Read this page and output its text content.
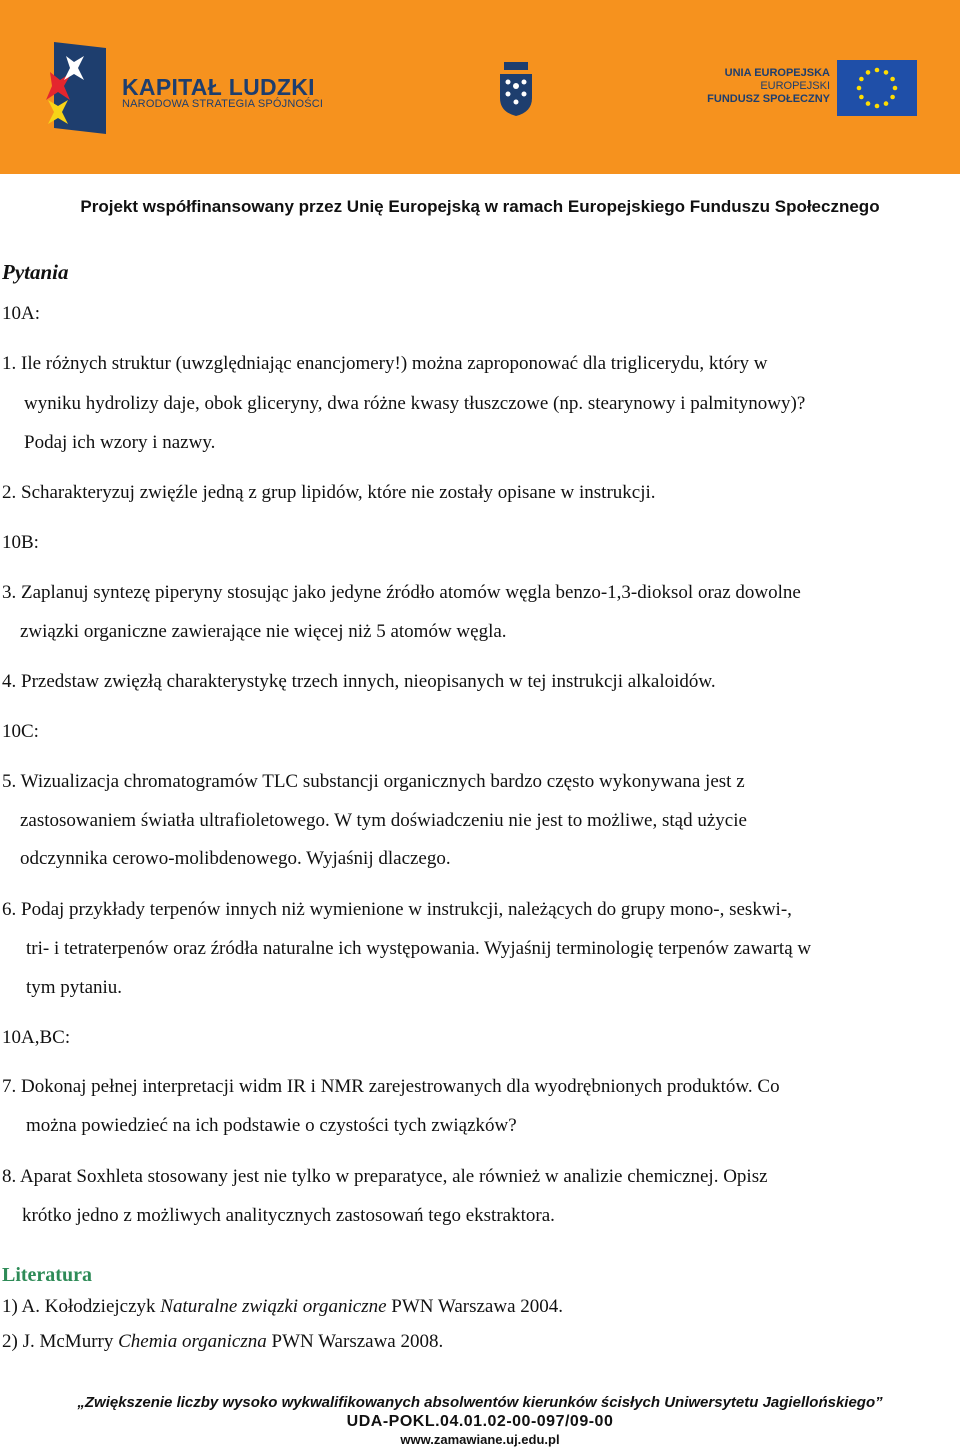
KAPITAŁ LUDZKI
NARODOWA STRATEGIA SPÓJNOŚCI
UNIA EUROPEJSKA
EUROPEJSKI
FUNDUSZ SPOŁECZNY
Projekt współfinansowany przez Unię Europejską w ramach Europejskiego Funduszu Społecznego
Pytania
10A:
1. Ile różnych struktur (uwzględniając enancjomery!) można zaproponować dla triglicerydu, który w
wyniku hydrolizy daje, obok gliceryny, dwa różne kwasy tłuszczowe (np. stearynowy i palmitynowy)?
Podaj ich wzory i nazwy.
2. Scharakteryzuj zwięźle jedną z grup lipidów, które nie zostały opisane w instrukcji.
10B:
3. Zaplanuj syntezę piperyny stosując jako jedyne źródło atomów węgla benzo-1,3-dioksol oraz dowolne
związki organiczne zawierające nie więcej niż 5 atomów węgla.
4. Przedstaw zwięzłą charakterystykę trzech innych, nieopisanych w tej instrukcji alkaloidów.
10C:
5. Wizualizacja chromatogramów TLC substancji organicznych bardzo często wykonywana jest z
zastosowaniem światła ultrafioletowego. W tym doświadczeniu nie jest to możliwe, stąd użycie
odczynnika cerowo-molibdenowego. Wyjaśnij dlaczego.
6. Podaj przykłady terpenów innych niż wymienione w instrukcji, należących do grupy mono-, seskwi-,
tri- i tetraterpenów oraz źródła naturalne ich występowania. Wyjaśnij terminologię terpenów zawartą w
tym pytaniu.
10A,BC:
7. Dokonaj pełnej interpretacji widm IR i NMR zarejestrowanych dla wyodrębnionych produktów. Co
można powiedzieć na ich podstawie o czystości tych związków?
8. Aparat Soxhleta stosowany jest nie tylko w preparatyce, ale również w analizie chemicznej. Opisz
krótko jedno z możliwych analitycznych zastosowań tego ekstraktora.
Literatura
1) A. Kołodziejczyk Naturalne związki organiczne PWN Warszawa 2004.
2) J. McMurry Chemia organiczna PWN Warszawa 2008.
„Zwiększenie liczby wysoko wykwalifikowanych absolwentów kierunków ścisłych Uniwersytetu Jagiellońskiego”
UDA-POKL.04.01.02-00-097/09-00
www.zamawiane.uj.edu.pl
